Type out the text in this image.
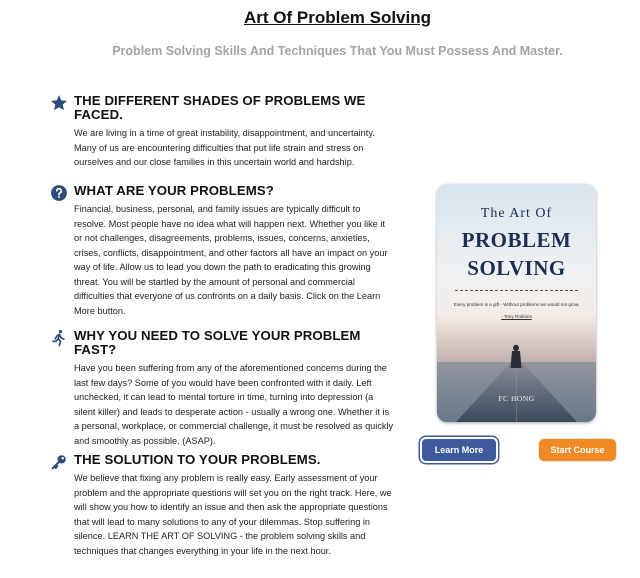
Art Of Problem Solving
Problem Solving Skills And Techniques That You Must Possess And Master.
THE DIFFERENT SHADES OF PROBLEMS WE FACED.

We are living in a time of great instability, disappointment, and uncertainty. Many of us are encountering difficulties that put life strain and stress on ourselves and our close families in this uncertain world and hardship.

WHAT ARE YOUR PROBLEMS?

Financial, business, personal, and family issues are typically difficult to resolve. Most people have no idea what will happen next. Whether you like it or not challenges, disagreements, problems, issues, concerns, anxieties, crises, conflicts, disappointment, and other factors all have an impact on your way of life. Allow us to lead you down the path to eradicating this growing threat. You will be startled by the amount of personal and commercial difficulties that everyone of us confronts on a daily basis. Click on the Learn More button.

WHY YOU NEED TO SOLVE YOUR PROBLEM FAST?

Have you been suffering from any of the aforementioned concerns during the last few days? Some of you would have been confronted with it daily. Left unchecked, it can lead to mental torture in time, turning into depression (a silent killer) and leads to desperate action - usually a wrong one. Whether it is a personal, workplace, or commercial challenge, it must be resolved as quickly and smoothly as possible. (ASAP).

THE SOLUTION TO YOUR PROBLEMS.

We believe that fixing any problem is really easy. Early assessment of your problem and the appropriate questions will set you on the right track. Here, we will show you how to identify an issue and then ask the appropriate questions that will lead to many solutions to any of your dilemmas. Stop suffering in silence. LEARN THE ART OF SOLVING - the problem solving skills and techniques that changes everything in your life in the next hour.

The Art Of
PROBLEM
SOLVING
Every problem is a gift - Without problems we would not grow.
- Tony Robbins
FC HONG
Learn More	Start Course
